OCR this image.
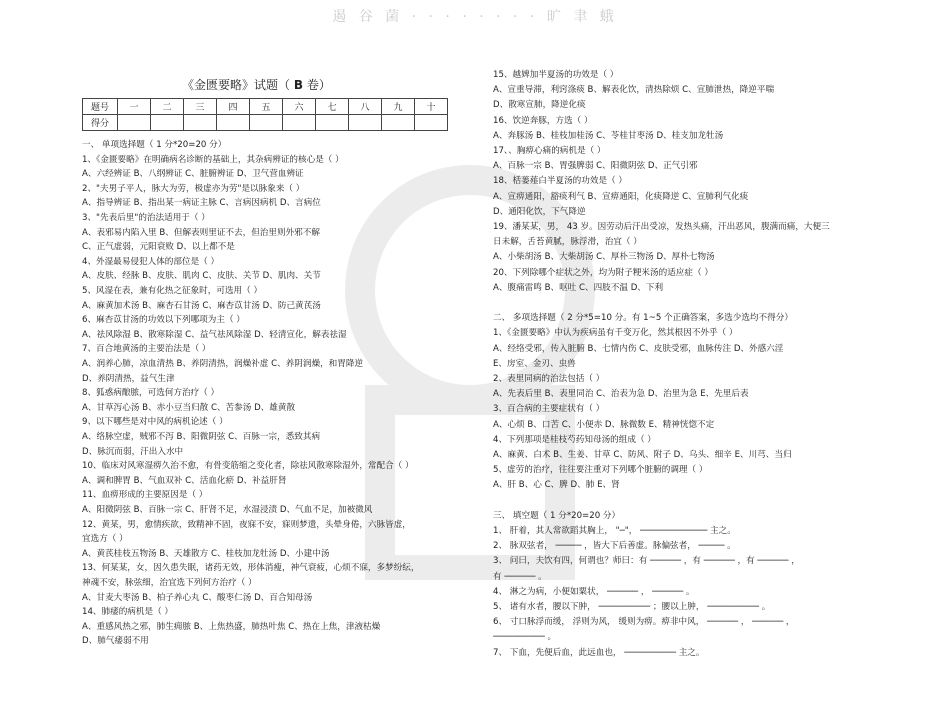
遏 谷 菌 · · · · · · · · 旷 聿 蛾
《金匮要略》试题（ B 卷）
题号	一	二	三	四	五	六	七	八	九	十
得分										
一、 单项选择题（ 1 分*20=20 分）
1、《金匮要略》在明确病名诊断的基础上，其杂病辨证的核心是（ ）
A、六经辨证 B、八纲辨证 C、脏腑辨证 D、卫气营血辨证
2、"夫男子平人，脉大为劳，极虚亦为劳"是以脉象来（ ）
A、指导辨证 B、指出某一病证主脉 C、言病因病机 D、言病位
3、"先表后里"的治法适用于（ ）
A、表邪易内陷入里 B、但解表则里证不去，但治里则外邪不解
C、正气虚弱，元阳衰败 D、以上都不是
4、外湿最易侵犯人体的部位是（ ）
A、皮肤、经脉 B、皮肤、肌肉 C、皮肤、关节 D、肌肉、关节
5、风湿在表，兼有化热之征象时，可选用（ ）
A、麻黄加术汤 B、麻杏石甘汤 C、麻杏苡甘汤 D、防己黄芪汤
6、麻杏苡甘汤的功效以下列哪项为主（ ）
A、祛风除湿 B、散寒除湿 C、益气祛风除湿 D、轻清宣化，解表祛湿
7、百合地黄汤的主要治法是（ ）
A、润养心肺，凉血清热 B、养阴清热，润燥补虚 C、养阴润燥，和胃降逆
D、养阴清热，益气生津
8、狐惑病酿脓，可选何方治疗（ ）
A、甘草泻心汤 B、赤小豆当归散 C、苦参汤 D、雄黄散
9、以下哪些是对中风的病机论述（ ）
A、络脉空虚，贼邪不泻 B、阳微阴弦 C、百脉一宗，悉致其病
D、脉沉而弱，汗出入水中
10、临床对风寒湿痹久治不愈，有骨变筋缩之变化者，除祛风散寒除湿外，常配合（ ）
A、调和脾胃 B、气血双补 C、活血化瘀 D、补益肝肾
11、血痹形成的主要原因是（ ）
A、阳微阴弦 B、百脉一宗 C、肝肾不足，水湿浸渍 D、气血不足，加被微风
12、黄某，男，愈情疾欲，致精神不固，夜寐不安，寐则梦遗，头晕身倦，六脉皆虚，
宜选方（ ）
A、黄芪桂枝五物汤 B、天雄散方 C、桂枝加龙牡汤 D、小建中汤
13、何某某，女，因久患失眠，诸药无效，形体消瘦，神气衰疲，心烦不寐，多梦纷纭，
神魂不安，脉弦细，治宜选下列何方治疗（ ）
A、甘麦大枣汤 B、柏子养心丸 C、酸枣仁汤 D、百合知母汤
14、肺痿的病机是（ ）
A、重感风热之邪，肺生痈脓 B、上焦热盛，肺热叶焦 C、热在上焦，津液枯燥
D、肺气痿弱不用
15、越婢加半夏汤的功效是（ ）
A、宣重导滞，利窍涤痰 B、解表化饮，清热除烦 C、宣肺泄热，降逆平喘
D、散寒宣肺，降逆化痰
16、饮逆奔豚，方选（ ）
A、奔豚汤 B、桂枝加桂汤 C、苓桂甘枣汤 D、桂支加龙牡汤
17、、胸痹心痛的病机是（ ）
A、百脉一宗 B、胃强脾弱 C、阳微阴弦 D、正气引邪
18、栝蒌薤白半夏汤的功效是（ ）
A、宣痹通阳，豁痰利气 B、宣痹通阳，化痰降逆 C、宣肺利气化痰
D、通阳化饮，下气降逆
19、潘某某，男， 43 岁。因劳动后汗出受凉，发热头痛，汗出恶风，腹满而痛，大便三
日未解，舌苔黄腻，脉浮滑，治宜（ ）
A、小柴胡汤 B、大柴胡汤 C、厚朴三物汤 D、厚朴七物汤
20、下列除哪个症状之外，均为附子粳米汤的适应症（ ）
A、腹痛雷鸣 B、呕吐 C、四肢不温 D、下利
二、 多项选择题（ 2 分*5=10 分。有 1~5 个正确答案，多选少选均不得分）
1、《金匮要略》中认为疾病虽有千变万化，然其根因不外乎（ ）
A、经络受邪，传入脏腑 B、七情内伤 C、皮肤受邪，血脉传注 D、外感六淫
E、房室、金刃、虫兽
2、表里同病的治法包括（ ）
A、先表后里 B、表里同治 C、治表为急 D、治里为急 E、先里后表
3、百合病的主要症状有（ ）
A、心烦 B、口苦 C、小便赤 D、脉微数 E、精神恍惚不定
4、下列那项是桂枝芍药知母汤的组成（ ）
A、麻黄、白术 B、生姜、甘草 C、防风、附子 D、乌头、细辛 E、川芎、当归
5、虚劳的治疗，往往要注重对下列哪个脏腑的调理（ ）
A、肝 B、心 C、脾 D、肺 E、肾
三、 填空题（ 1 分*20=20 分）
1、 肝着，其人常欲蹈其胸上， "─"， ───────────── 主之。
2、 脉双弦者， ───── ，皆大下后善虚。脉偏弦者， ───── 。
3、 问曰，夫饮有四，何谓也？师曰：有 ────── ，有 ────── ，有 ────── ，
有 ────── 。
4、 淋之为病，小便如粟状， ────── ， ────── 。
5、 诸有水者，腰以下肿， ────────── ；腰以上肿， ────────── 。
6、 寸口脉浮而缓， 浮则为风， 缓则为痹。痹非中风， ────── ， ────── ，
────────── 。
7、 下血，先便后血，此远血也， ────────── 主之。
